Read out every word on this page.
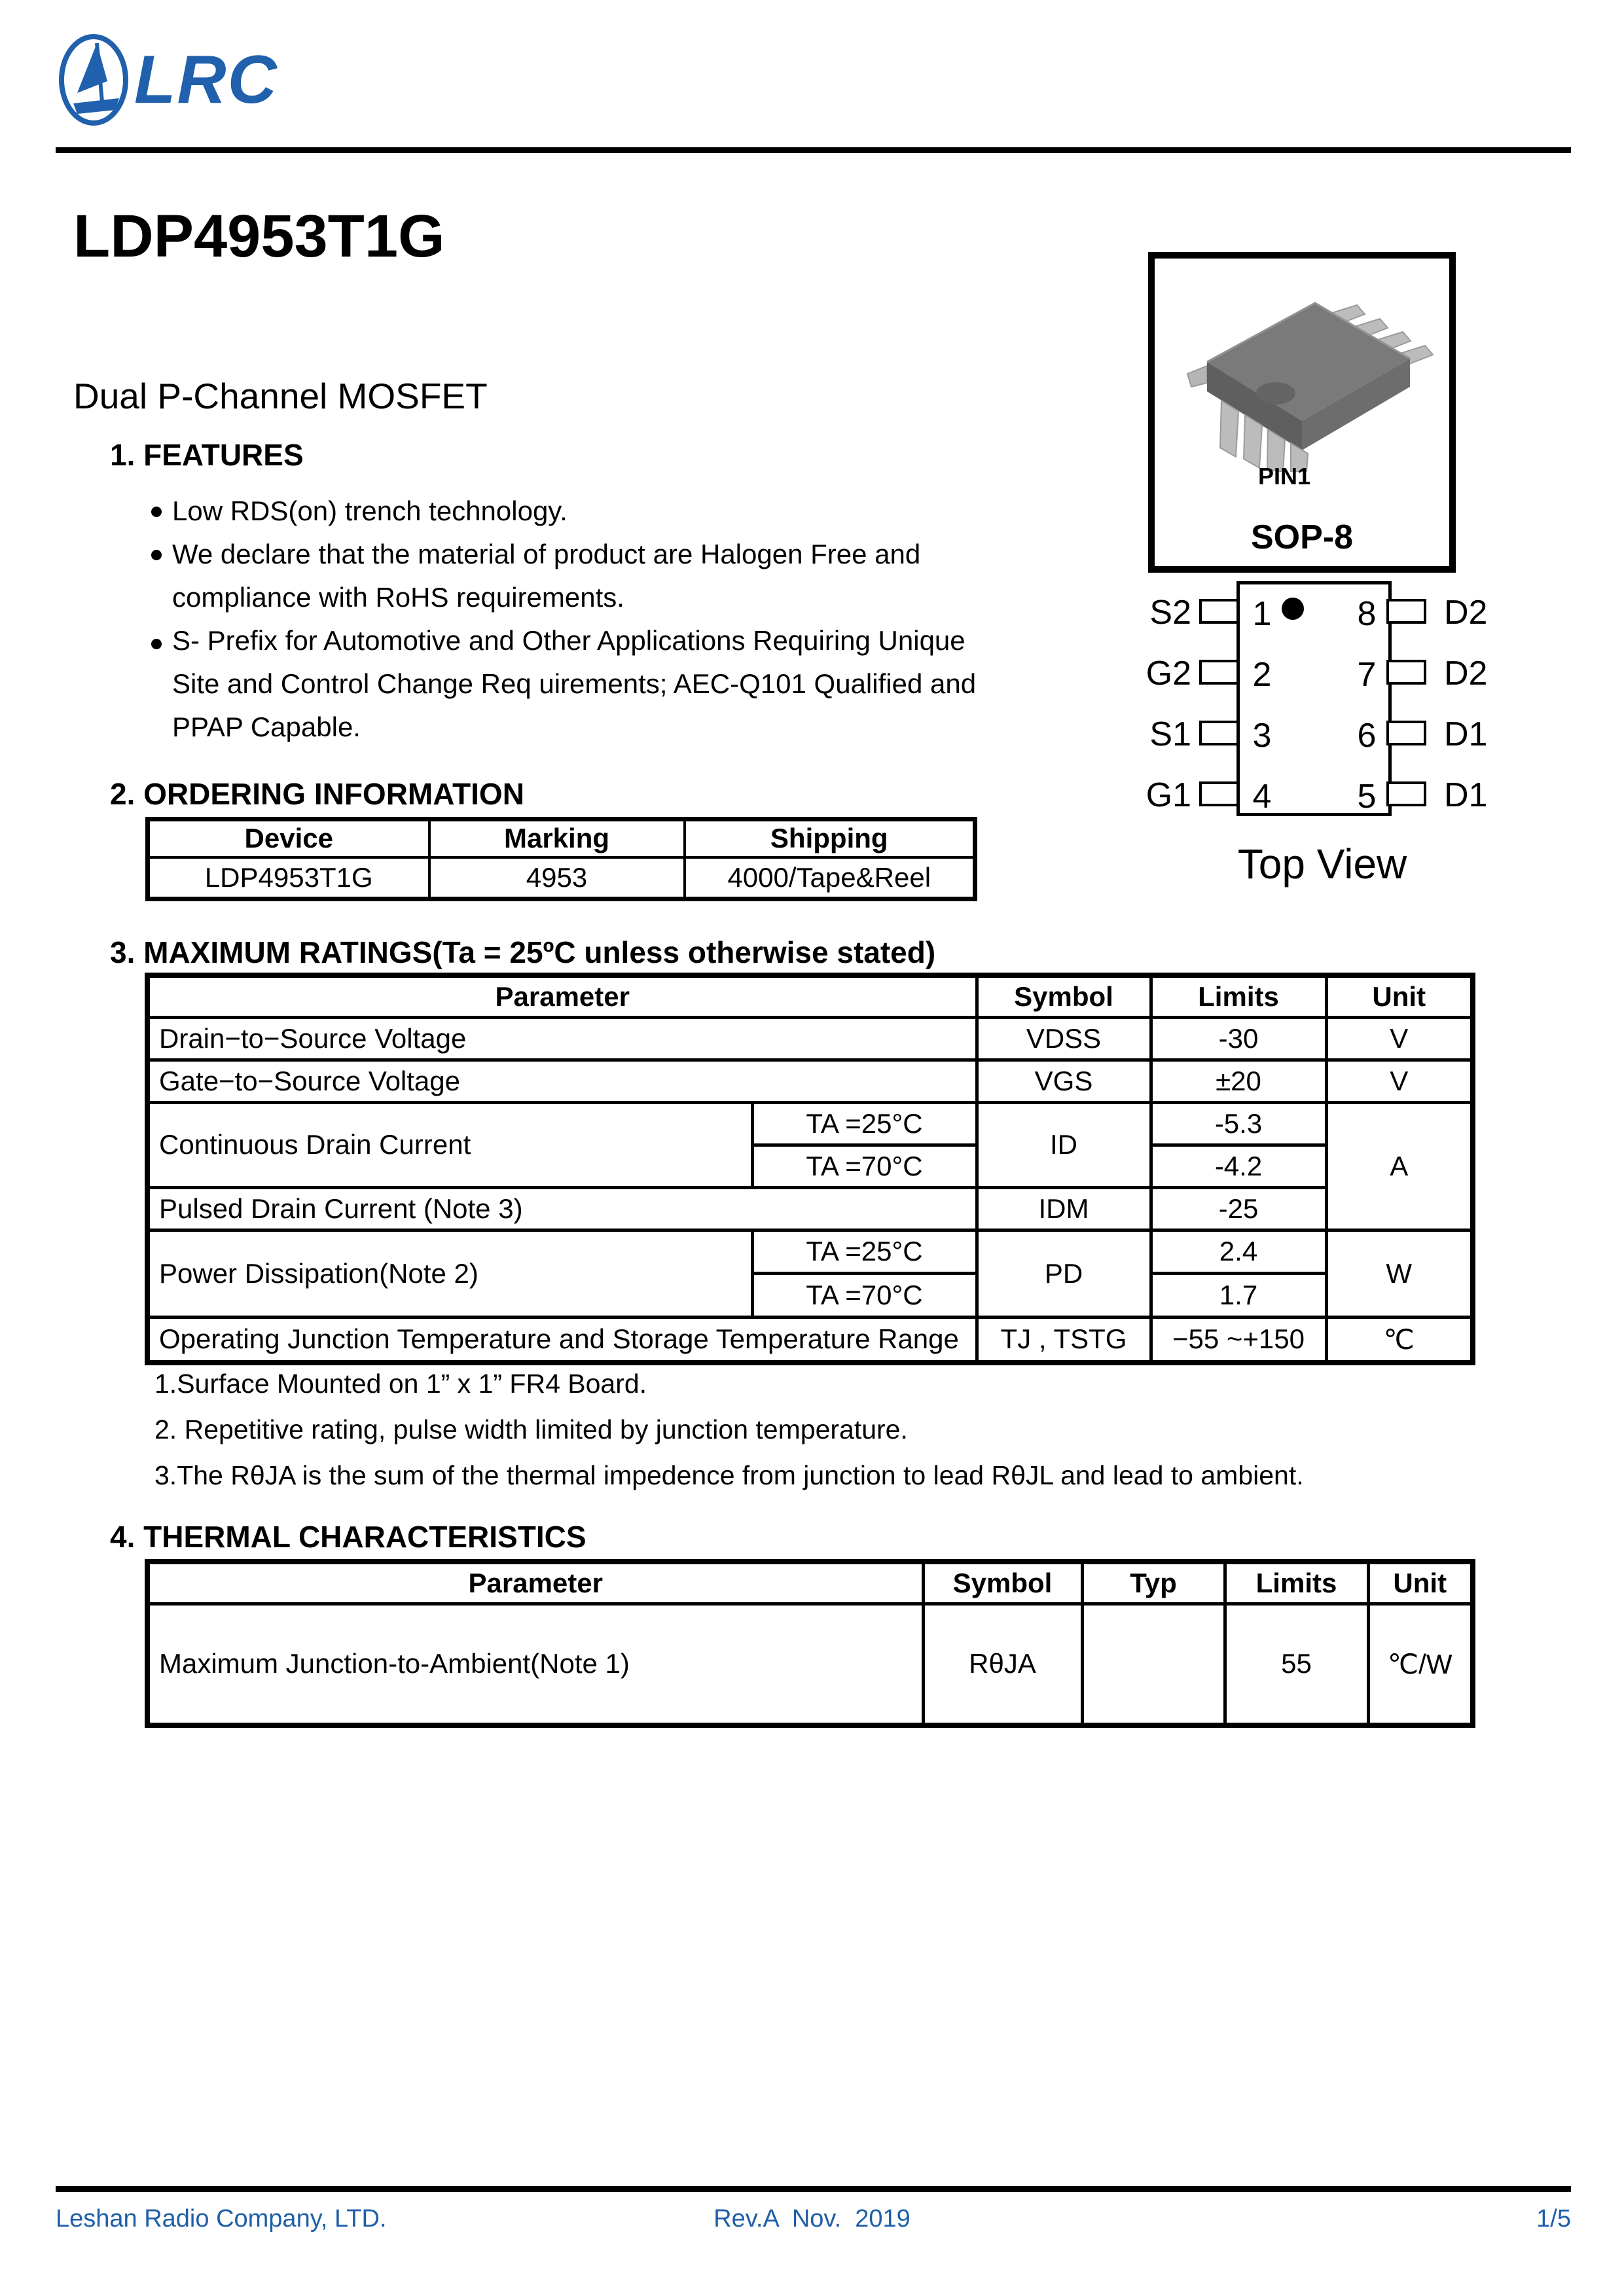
LRC
LDP4953T1G
Dual P-Channel MOSFET
PIN1
SOP-8
S2
G2
S1
G1
D2
D2
D1
D1
1
2
3
4
8
7
6
5
Top View
1. FEATURES
Low RDS(on) trench technology.
We declare that the material of product are Halogen Free and
compliance with RoHS requirements.
S- Prefix for Automotive and Other Applications Requiring Unique
Site and Control Change Req uirements; AEC-Q101 Qualified and
PPAP Capable.
2. ORDERING INFORMATION
Device	Marking	Shipping
LDP4953T1G	4953	4000/Tape&Reel
3. MAXIMUM RATINGS(Ta = 25ºC unless otherwise stated)
Parameter		Symbol	Limits	Unit
Drain−to−Source Voltage		VDSS	-30	V
Gate−to−Source Voltage		VGS	±20	V
Continuous Drain Current	TA =25°C	ID	-5.3	A
	TA =70°C		-4.2	
Pulsed Drain Current (Note 3)		IDM	-25	
Power Dissipation(Note 2)	TA =25°C	PD	2.4	W
	TA =70°C		1.7	
Operating Junction Temperature and Storage Temperature Range		TJ , TSTG	−55 ~+150	℃
1.Surface Mounted on 1” x 1” FR4 Board.
2. Repetitive rating, pulse width limited by junction temperature.
3.The RθJA is the sum of the thermal impedence from junction to lead RθJL and lead to ambient.
4. THERMAL CHARACTERISTICS
Parameter	Symbol	Typ	Limits	Unit
Maximum Junction-to-Ambient(Note 1)	RθJA		55	℃/W
Leshan Radio Company, LTD.	Rev.A  Nov.  2019	1/5
